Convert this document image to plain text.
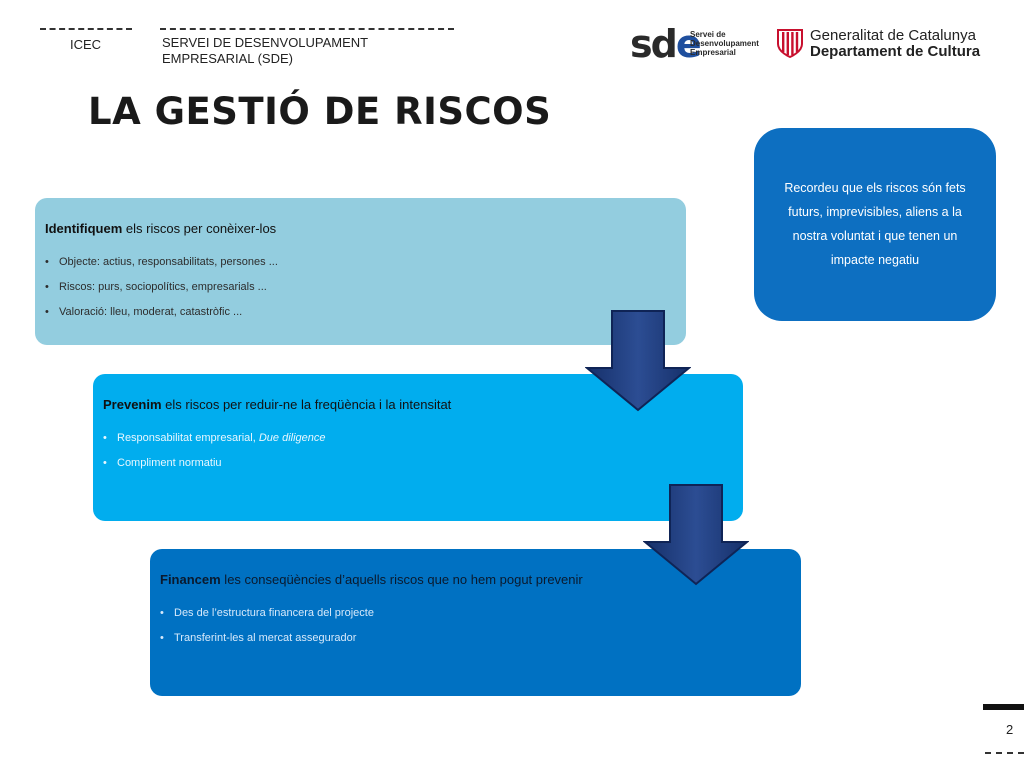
ICEC	SERVEI DE DESENVOLUPAMENT
EMPRESARIAL (SDE)	sde
Servei de
Desenvolupament
Empresarial
Generalitat de Catalunya
Departament de Cultura
LA GESTIÓ DE RISCOS
Recordeu que els riscos són fets futurs, imprevisibles, aliens a la nostra voluntat i que tenen un impacte negatiu
Identifiquem els riscos per conèixer-los
• Objecte: actius, responsabilitats, persones ...
• Riscos: purs, sociopolítics, empresarials ...
• Valoració: lleu, moderat, catastròfic ...
Prevenim els riscos per reduir-ne la freqüència i la intensitat
• Responsabilitat empresarial, Due diligence
• Compliment normatiu
Financem les conseqüències d’aquells riscos que no hem pogut prevenir
• Des de l’estructura financera del projecte
• Transferint-les al mercat assegurador
2
